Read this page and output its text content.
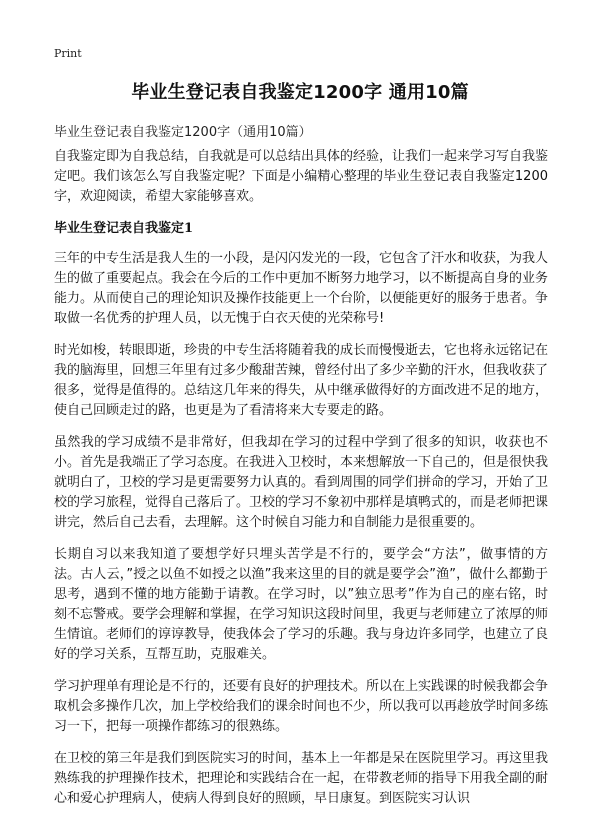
Print
毕业生登记表自我鉴定1200字 通用10篇
毕业生登记表自我鉴定1200字（通用10篇）

自我鉴定即为自我总结，自我就是可以总结出具体的经验，让我们一起来学习写自我鉴定吧。我们该怎么写自我鉴定呢？下面是小编精心整理的毕业生登记表自我鉴定1200字，欢迎阅读，希望大家能够喜欢。

毕业生登记表自我鉴定1

三年的中专生活是我人生的一小段，是闪闪发光的一段，它包含了汗水和收获，为我人生的做了重要起点。我会在今后的工作中更加不断努力地学习，以不断提高自身的业务能力。从而使自己的理论知识及操作技能更上一个台阶，以便能更好的服务于患者。争取做一名优秀的护理人员，以无愧于白衣天使的光荣称号!

时光如梭，转眼即逝，珍贵的中专生活将随着我的成长而慢慢逝去，它也将永远铭记在我的脑海里，回想三年里有过多少酸甜苦辣，曾经付出了多少辛勤的汗水，但我收获了很多，觉得是值得的。总结这几年来的得失，从中继承做得好的方面改进不足的地方，使自己回顾走过的路，也更是为了看清将来大专要走的路。

虽然我的学习成绩不是非常好，但我却在学习的过程中学到了很多的知识，收获也不小。首先是我端正了学习态度。在我进入卫校时，本来想解放一下自己的，但是很快我就明白了，卫校的学习是更需要努力认真的。看到周围的同学们拼命的学习，开始了卫校的学习旅程，觉得自己落后了。卫校的学习不象初中那样是填鸭式的，而是老师把课讲完，然后自己去看，去理解。这个时候自习能力和自制能力是很重要的。

长期自习以来我知道了要想学好只埋头苦学是不行的，要学会“方法”，做事情的方法。古人云，”授之以鱼不如授之以渔”我来这里的目的就是要学会”渔”，做什么都勤于思考，遇到不懂的地方能勤于请教。在学习时，以”独立思考”作为自己的座右铭，时刻不忘警戒。要学会理解和掌握，在学习知识这段时间里，我更与老师建立了浓厚的师生情谊。老师们的谆谆教导，使我体会了学习的乐趣。我与身边许多同学，也建立了良好的学习关系，互帮互助，克服难关。

学习护理单有理论是不行的，还要有良好的护理技术。所以在上实践课的时候我都会争取机会多操作几次，加上学校给我们的课余时间也不少，所以我可以再趁放学时间多练习一下，把每一项操作都练习的很熟练。

在卫校的第三年是我们到医院实习的时间，基本上一年都是呆在医院里学习。再这里我熟练我的护理操作技术，把理论和实践结合在一起，在带教老师的指导下用我全副的耐心和爱心护理病人，使病人得到良好的照顾，早日康复。到医院实习认识
